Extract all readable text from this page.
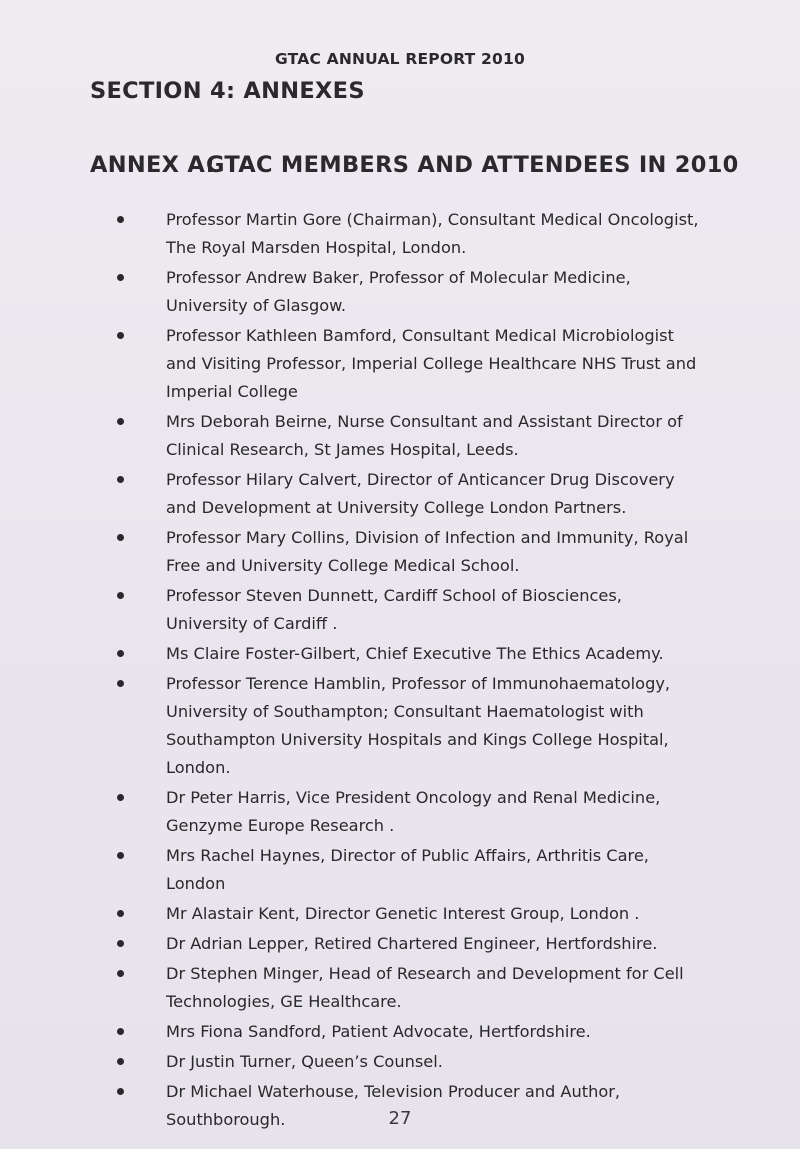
GTAC ANNUAL REPORT 2010
SECTION 4: ANNEXES
ANNEX A:GTAC MEMBERS AND ATTENDEES IN 2010
Professor Martin Gore (Chairman), Consultant Medical Oncologist, The Royal Marsden Hospital, London.
Professor Andrew Baker, Professor of Molecular Medicine, University of Glasgow.
Professor Kathleen Bamford, Consultant Medical Microbiologist and Visiting Professor, Imperial College Healthcare NHS Trust and Imperial College
Mrs Deborah Beirne, Nurse Consultant and Assistant Director of Clinical Research, St James Hospital, Leeds.
Professor Hilary Calvert, Director of Anticancer Drug Discovery and Development at University College London Partners.
Professor Mary Collins, Division of Infection and Immunity, Royal Free and University College Medical School.
Professor Steven Dunnett, Cardiff School of Biosciences, University of Cardiff .
Ms Claire Foster-Gilbert, Chief Executive The Ethics Academy.
Professor Terence Hamblin, Professor of Immunohaematology, University of Southampton; Consultant Haematologist with Southampton University Hospitals and Kings College Hospital, London.
Dr Peter Harris, Vice President Oncology and Renal Medicine, Genzyme Europe Research .
Mrs Rachel Haynes, Director of Public Affairs, Arthritis Care, London
Mr Alastair Kent, Director Genetic Interest Group, London .
Dr Adrian Lepper, Retired Chartered Engineer, Hertfordshire.
Dr Stephen Minger, Head of Research and Development for Cell Technologies, GE Healthcare.
Mrs Fiona Sandford, Patient Advocate, Hertfordshire.
Dr Justin Turner, Queen’s Counsel.
Dr Michael Waterhouse, Television Producer and Author, Southborough.	27
